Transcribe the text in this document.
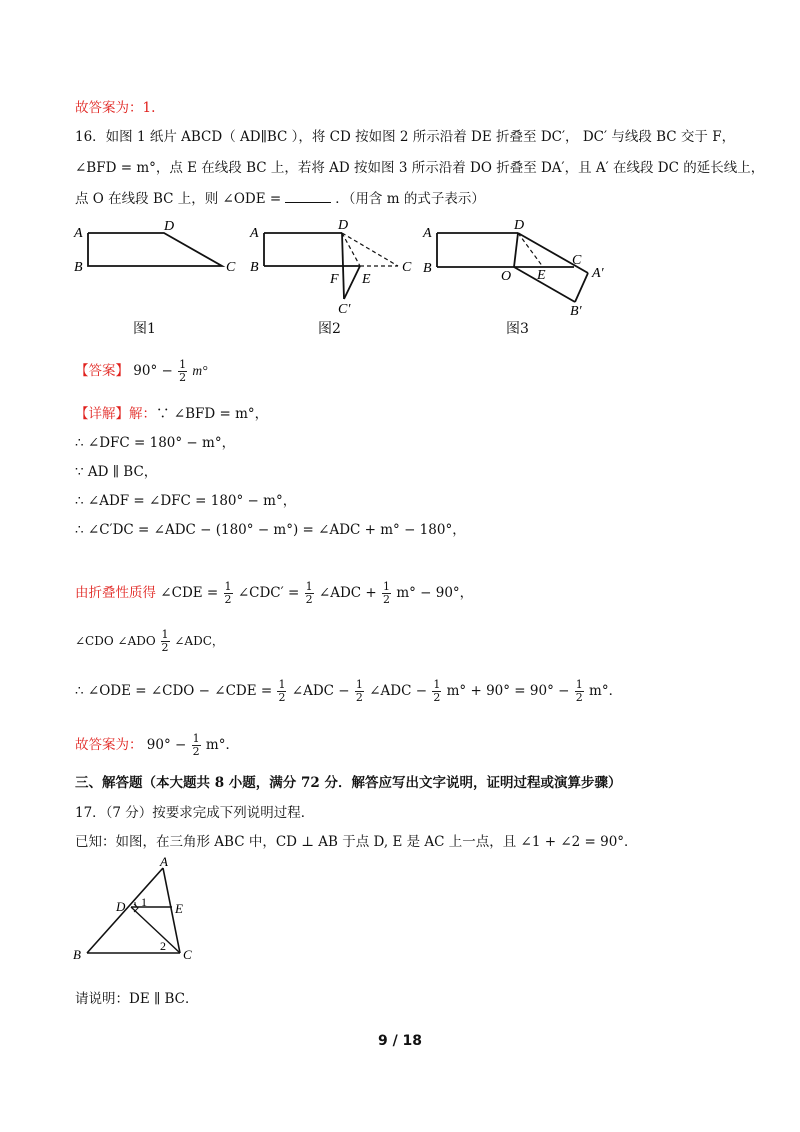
故答案为：1.
16．如图 1 纸片 ABCD（ AD∥BC ），将 CD 按如图 2 所示沿着 DE 折叠至 DC′， DC′ 与线段 BC 交于 F，
∠BFD = m°，点 E 在线段 BC 上，若将 AD 按如图 3 所示沿着 DO 折叠至 DA′，且 A′ 在线段 DC 的延长线上，
点 O 在线段 BC 上，则 ∠ODE =	．（用含 m 的式子表示）
A
B	C
D
图1
A
B
D
F E
C
C′
图2
A
B
D
O E
C
A′
B′
图3
【答案】 $90^\circ - \frac{1}{2} m^\circ$
【详解】解：∵ ∠BFD = m°，
∴ ∠DFC = 180° − m°，
∵ AD ∥ BC，
∴ ∠ADF = ∠DFC = 180° − m°，
∴ ∠C′DC = ∠ADC − (180° − m°) = ∠ADC + m° − 180°，
由折叠性质得 ∠CDE = $\frac{1}{2}$ ∠CDC′ = $\frac{1}{2}$ ∠ADC + $\frac{1}{2} m^\circ - 90^\circ$，
∠CDO ∠ADO $\frac{1}{2}$ ∠ADC，
∴ ∠ODE = ∠CDO − ∠CDE = $\frac{1}{2}$ ∠ADC − $\frac{1}{2}$ ∠ADC − $\frac{1}{2} m^\circ + 90^\circ = 90^\circ - \frac{1}{2} m^\circ$．
故答案为： $90^\circ - \frac{1}{2} m^\circ$．
三、解答题（本大题共 8 小题，满分 72 分．解答应写出文字说明，证明过程或演算步骤）
17．（7 分）按要求完成下列说明过程．
已知：如图，在三角形 ABC 中，CD ⊥ AB 于点 D, E 是 AC 上一点，且 ∠1 + ∠2 = 90°．
A
D 1 E
2
B	C
请说明：DE ∥ BC．
9 / 18
